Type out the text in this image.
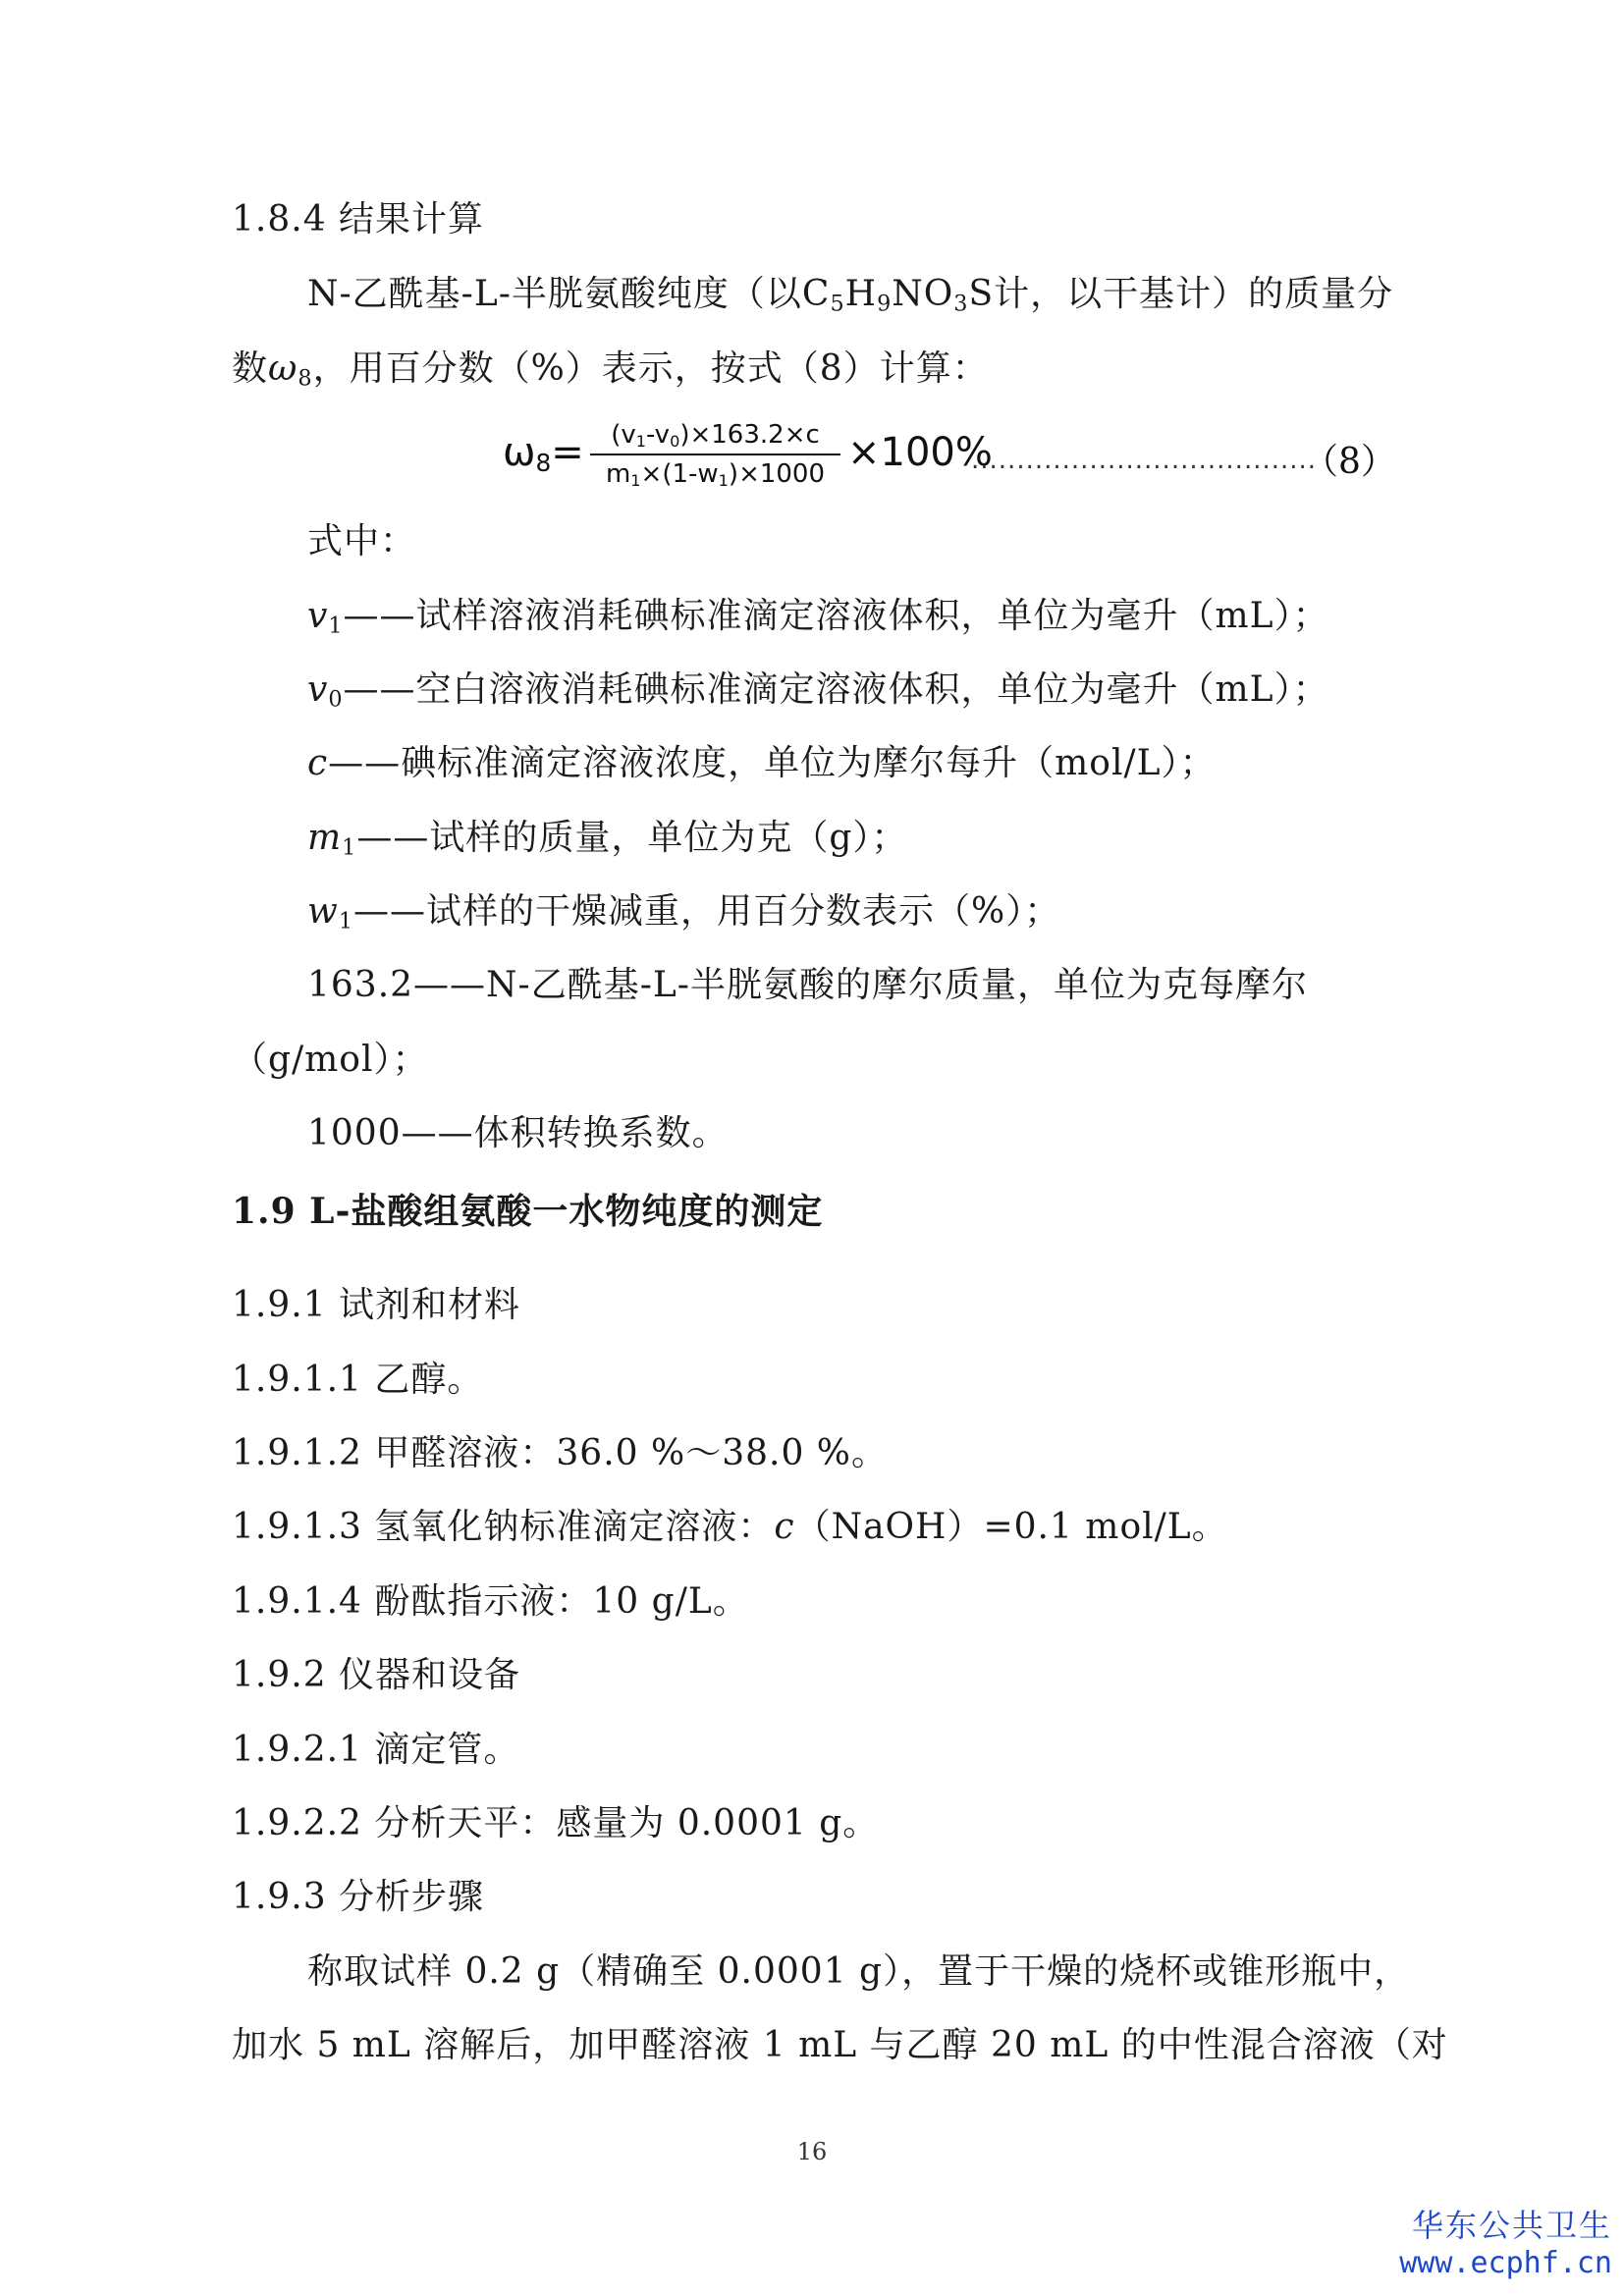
1.8.4 结果计算
N-乙酰基-L-半胱氨酸纯度（以$C_5H_9NO_3S$计，以干基计）的质量分
数$\omega_8$，用百分数（%）表示，按式（8）计算：
$\omega_8=$	$(v_1-v_0)\times 163.2\times c$
$m_1\times(1-w_1)\times 1000 \times 100\%$
......................................
（8）
式中：
$v_1——$试样溶液消耗碘标准滴定溶液体积，单位为毫升（mL）；
$v_0——$空白溶液消耗碘标准滴定溶液体积，单位为毫升（mL）；
c——碘标准滴定溶液浓度，单位为摩尔每升（mol/L）；
$m_1——$试样的质量，单位为克（g）；
$w_1——$试样的干燥减重，用百分数表示（%）；
163.2——N-乙酰基-L-半胱氨酸的摩尔质量，单位为克每摩尔
（g/mol）；
1000——体积转换系数。
1.9 L-盐酸组氨酸一水物纯度的测定
1.9.1 试剂和材料
1.9.1.1 乙醇。
1.9.1.2 甲醛溶液：36.0 %～38.0 %。
1.9.1.3 氢氧化钠标准滴定溶液：c（NaOH）=0.1 mol/L。
1.9.1.4 酚酞指示液：10 g/L。
1.9.2 仪器和设备
1.9.2.1 滴定管。
1.9.2.2 分析天平：感量为 0.0001 g。
1.9.3 分析步骤
称取试样 0.2 g（精确至 0.0001 g），置于干燥的烧杯或锥形瓶中，
加水 5 mL 溶解后，加甲醛溶液 1 mL 与乙醇 20 mL 的中性混合溶液（对
16
华东公共卫生
www.ecphf.cn
